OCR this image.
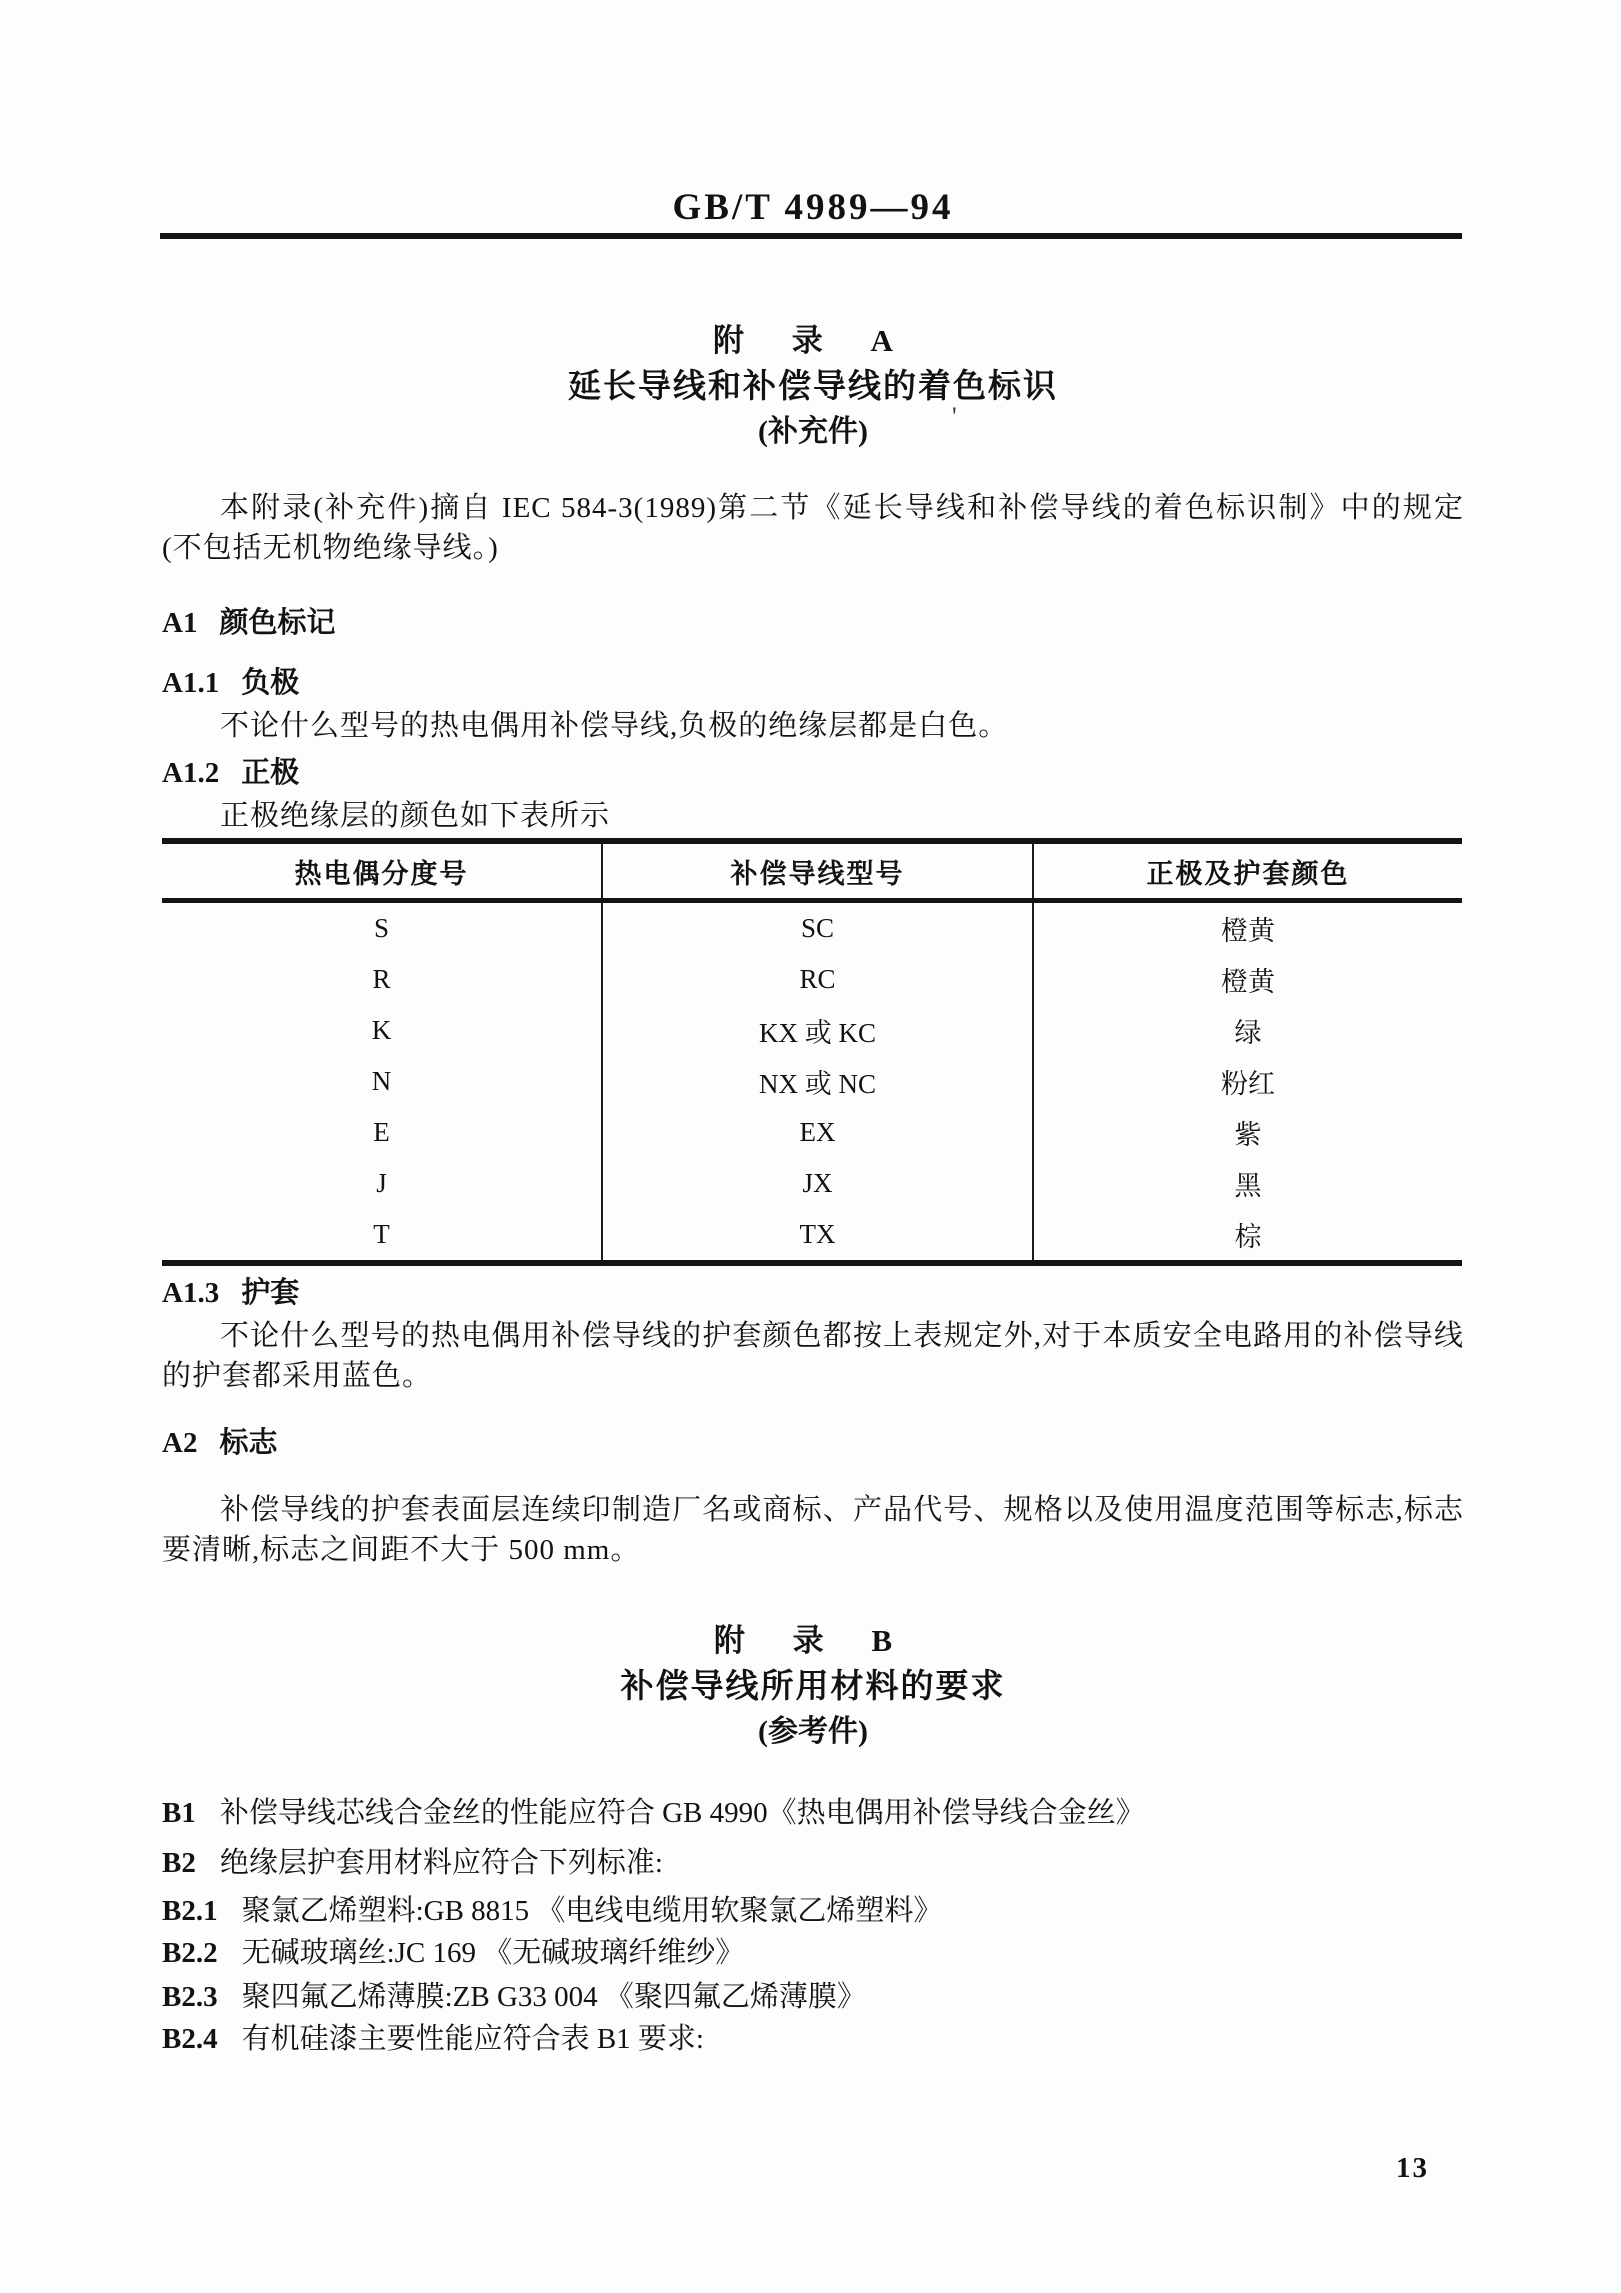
GB/T 4989—94
附 录 A
延长导线和补偿导线的着色标识
(补充件)	'
本附录(补充件)摘自 IEC 584-3(1989)第二节《延长导线和补偿导线的着色标识制》中的规定(不包括无机物绝缘导线。)
A1 颜色标记
A1.1 负极
不论什么型号的热电偶用补偿导线,负极的绝缘层都是白色。
A1.2 正极
正极绝缘层的颜色如下表所示
热电偶分度号	补偿导线型号	正极及护套颜色
S	SC	橙黄
R	RC	橙黄
K	KX 或 KC	绿
N	NX 或 NC	粉红
E	EX	紫
J	JX	黑
T	TX	棕
A1.3 护套
不论什么型号的热电偶用补偿导线的护套颜色都按上表规定外,对于本质安全电路用的补偿导线的护套都采用蓝色。
A2 标志
补偿导线的护套表面层连续印制造厂名或商标、产品代号、规格以及使用温度范围等标志,标志要清晰,标志之间距不大于 500 mm。
附 录 B
补偿导线所用材料的要求
(参考件)
B1 补偿导线芯线合金丝的性能应符合 GB 4990《热电偶用补偿导线合金丝》
B2 绝缘层护套用材料应符合下列标准:
B2.1 聚氯乙烯塑料:GB 8815 《电线电缆用软聚氯乙烯塑料》
B2.2 无碱玻璃丝:JC 169 《无碱玻璃纤维纱》
B2.3 聚四氟乙烯薄膜:ZB G33 004 《聚四氟乙烯薄膜》
B2.4 有机硅漆主要性能应符合表 B1 要求:
13
